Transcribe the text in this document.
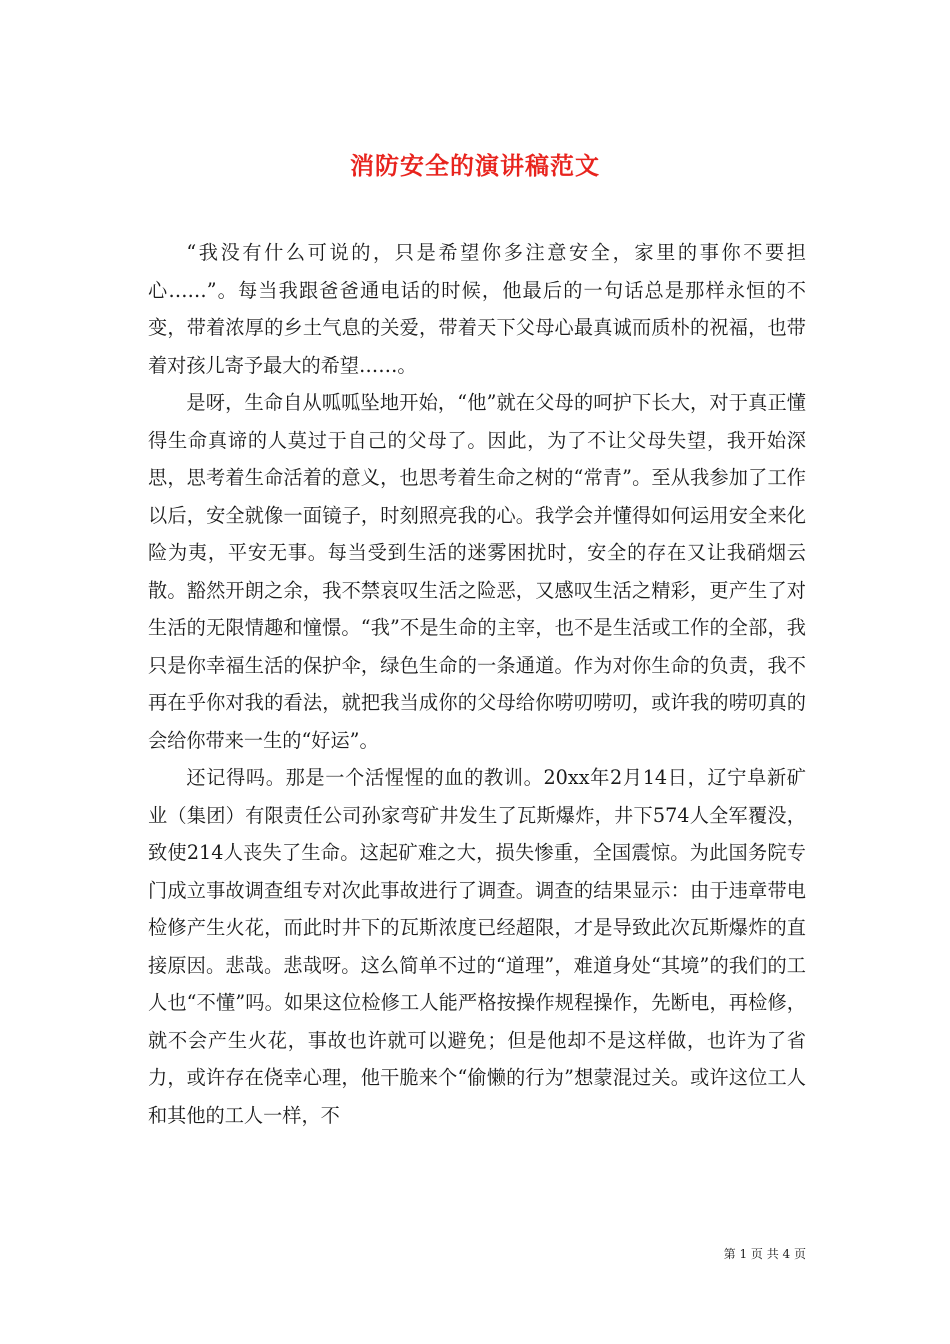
消防安全的演讲稿范文

“我没有什么可说的，只是希望你多注意安全，家里的事你不要担心……”。每当我跟爸爸通电话的时候，他最后的一句话总是那样永恒的不变，带着浓厚的乡土气息的关爱，带着天下父母心最真诚而质朴的祝福，也带着对孩儿寄予最大的希望……。

是呀，生命自从呱呱坠地开始，“他”就在父母的呵护下长大，对于真正懂得生命真谛的人莫过于自己的父母了。因此，为了不让父母失望，我开始深思，思考着生命活着的意义，也思考着生命之树的“常青”。至从我参加了工作以后，安全就像一面镜子，时刻照亮我的心。我学会并懂得如何运用安全来化险为夷，平安无事。每当受到生活的迷雾困扰时，安全的存在又让我硝烟云散。豁然开朗之余，我不禁哀叹生活之险恶，又感叹生活之精彩，更产生了对生活的无限情趣和憧憬。“我”不是生命的主宰，也不是生活或工作的全部，我只是你幸福生活的保护伞，绿色生命的一条通道。作为对你生命的负责，我不再在乎你对我的看法，就把我当成你的父母给你唠叨唠叨，或许我的唠叨真的会给你带来一生的“好运”。

还记得吗。那是一个活惺惺的血的教训。20xx年2月14日，辽宁阜新矿业（集团）有限责任公司孙家弯矿井发生了瓦斯爆炸，井下574人全军覆没，致使214人丧失了生命。这起矿难之大，损失惨重，全国震惊。为此国务院专门成立事故调查组专对次此事故进行了调查。调查的结果显示：由于违章带电检修产生火花，而此时井下的瓦斯浓度已经超限，才是导致此次瓦斯爆炸的直接原因。悲哉。悲哉呀。这么简单不过的“道理”，难道身处“其境”的我们的工人也“不懂”吗。如果这位检修工人能严格按操作规程操作，先断电，再检修，就不会产生火花，事故也许就可以避免；但是他却不是这样做，也许为了省力，或许存在侥幸心理，他干脆来个“偷懒的行为”想蒙混过关。或许这位工人和其他的工人一样，不

第 1 页 共 4 页
